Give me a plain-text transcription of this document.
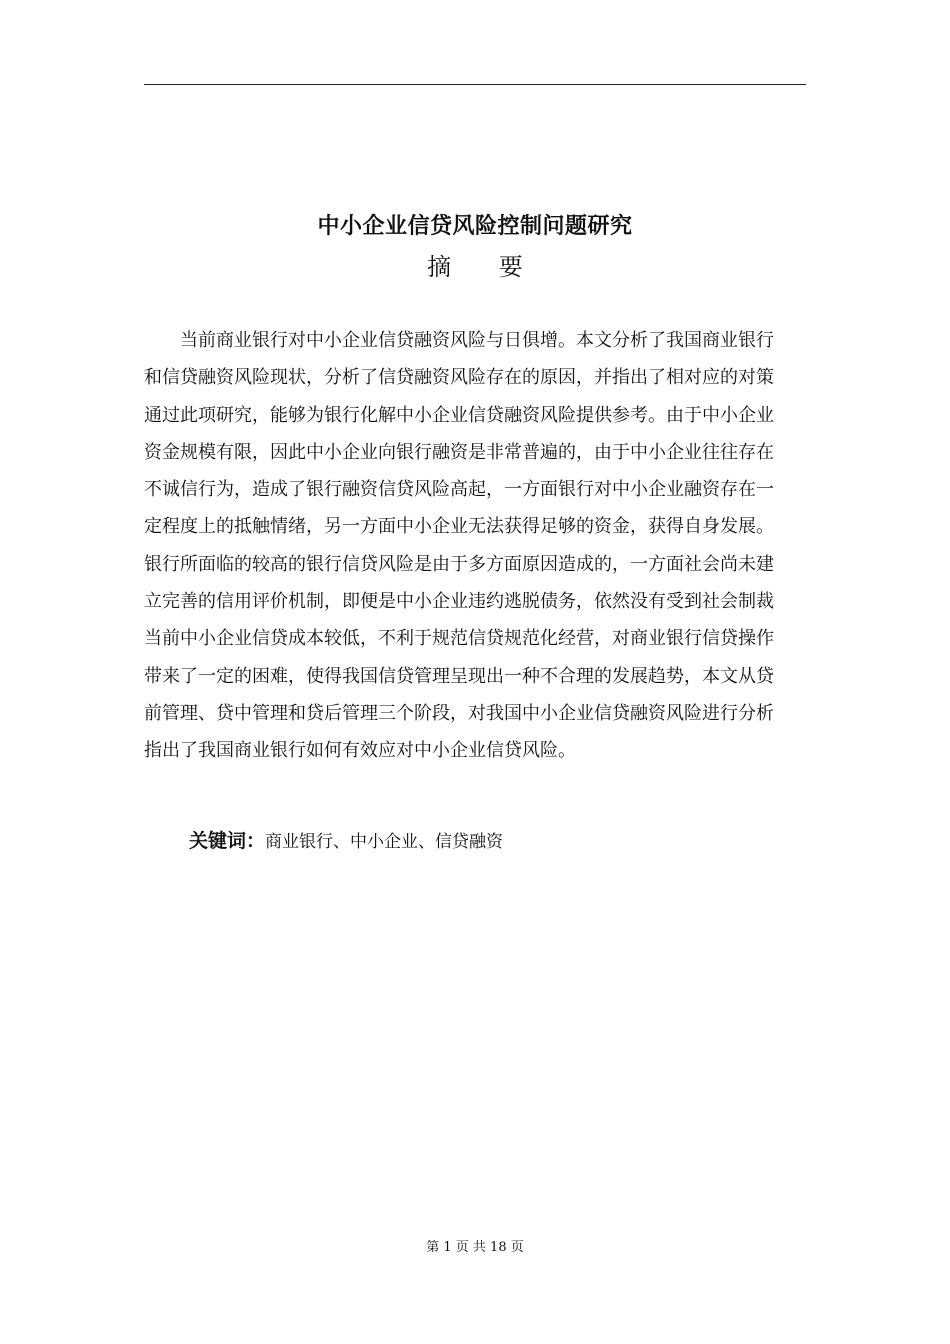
中小企业信贷风险控制问题研究
摘 要
当前商业银行对中小企业信贷融资风险与日俱增。本文分析了我国商业银行
和信贷融资风险现状，分析了信贷融资风险存在的原因，并指出了相对应的对策
通过此项研究，能够为银行化解中小企业信贷融资风险提供参考。由于中小企业
资金规模有限，因此中小企业向银行融资是非常普遍的，由于中小企业往往存在
不诚信行为，造成了银行融资信贷风险高起，一方面银行对中小企业融资存在一
定程度上的抵触情绪，另一方面中小企业无法获得足够的资金，获得自身发展。
银行所面临的较高的银行信贷风险是由于多方面原因造成的，一方面社会尚未建
立完善的信用评价机制，即便是中小企业违约逃脱债务，依然没有受到社会制裁
当前中小企业信贷成本较低，不利于规范信贷规范化经营，对商业银行信贷操作
带来了一定的困难，使得我国信贷管理呈现出一种不合理的发展趋势，本文从贷
前管理、贷中管理和贷后管理三个阶段，对我国中小企业信贷融资风险进行分析
指出了我国商业银行如何有效应对中小企业信贷风险。
关键词：商业银行、中小企业、信贷融资
第 1 页 共 18 页
